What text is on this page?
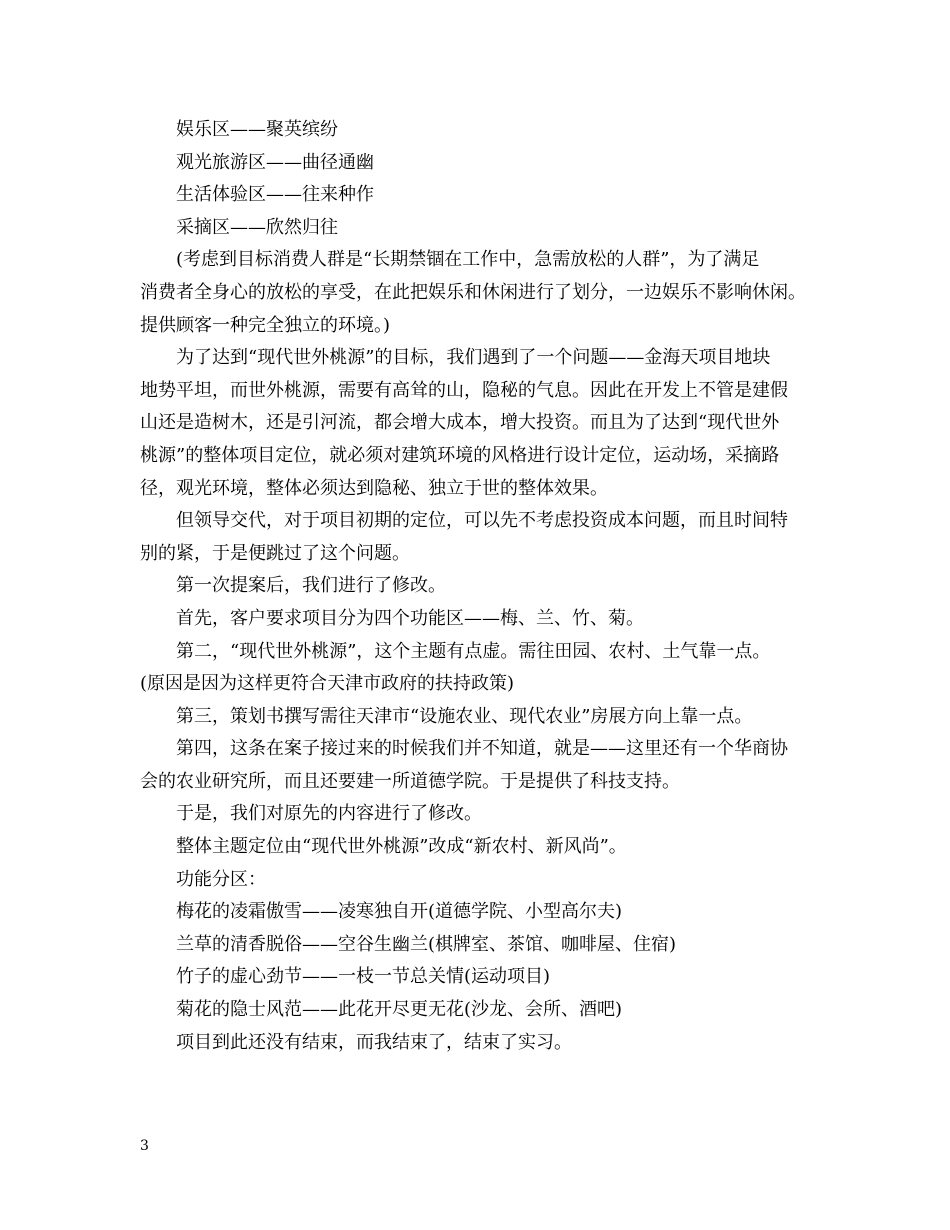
娱乐区——聚英缤纷
观光旅游区——曲径通幽
生活体验区——往来种作
采摘区——欣然归往
(考虑到目标消费人群是“长期禁锢在工作中，急需放松的人群”，为了满足
消费者全身心的放松的享受，在此把娱乐和休闲进行了划分，一边娱乐不影响休闲。
提供顾客一种完全独立的环境。)
为了达到“现代世外桃源”的目标，我们遇到了一个问题——金海天项目地块
地势平坦，而世外桃源，需要有高耸的山，隐秘的气息。因此在开发上不管是建假
山还是造树木，还是引河流，都会增大成本，增大投资。而且为了达到“现代世外
桃源”的整体项目定位，就必须对建筑环境的风格进行设计定位，运动场，采摘路
径，观光环境，整体必须达到隐秘、独立于世的整体效果。
但领导交代，对于项目初期的定位，可以先不考虑投资成本问题，而且时间特
别的紧，于是便跳过了这个问题。
第一次提案后，我们进行了修改。
首先，客户要求项目分为四个功能区——梅、兰、竹、菊。
第二，“现代世外桃源”，这个主题有点虚。需往田园、农村、土气靠一点。
(原因是因为这样更符合天津市政府的扶持政策)
第三，策划书撰写需往天津市“设施农业、现代农业”房展方向上靠一点。
第四，这条在案子接过来的时候我们并不知道，就是——这里还有一个华商协
会的农业研究所，而且还要建一所道德学院。于是提供了科技支持。
于是，我们对原先的内容进行了修改。
整体主题定位由“现代世外桃源”改成“新农村、新风尚”。
功能分区：
梅花的凌霜傲雪——凌寒独自开(道德学院、小型高尔夫)
兰草的清香脱俗——空谷生幽兰(棋牌室、茶馆、咖啡屋、住宿)
竹子的虚心劲节——一枝一节总关情(运动项目)
菊花的隐士风范——此花开尽更无花(沙龙、会所、酒吧)
项目到此还没有结束，而我结束了，结束了实习。
3
